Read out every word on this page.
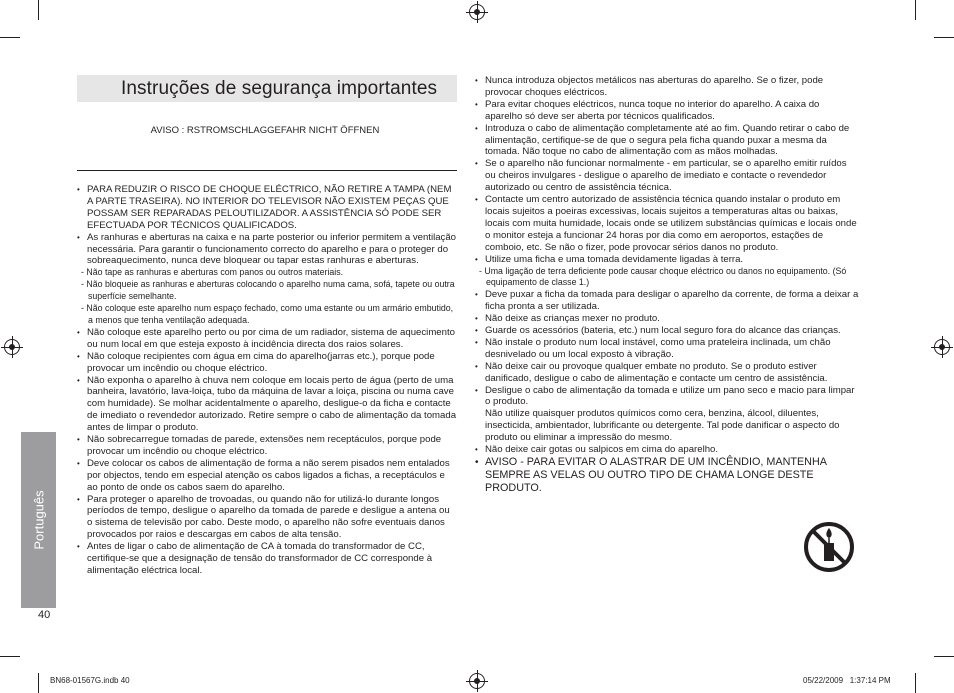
Instruções de segurança importantes
AVISO : RSTROMSCHLAGGEFAHR NICHT ÖFFNEN
• PARA REDUZIR O RISCO DE CHOQUE ELÉCTRICO, NÃO RETIRE A TAMPA (NEM A PARTE TRASEIRA). NO INTERIOR DO TELEVISOR NÃO EXISTEM PEÇAS QUE POSSAM SER REPARADAS PELOUTILIZADOR. A ASSISTÊNCIA SÓ PODE SER EFECTUADA POR TÉCNICOS QUALIFICADOS.
• As ranhuras e aberturas na caixa e na parte posterior ou inferior permitem a ventilação necessária. Para garantir o funcionamento correcto do aparelho e para o proteger do sobreaquecimento, nunca deve bloquear ou tapar estas ranhuras e aberturas.
- Não tape as ranhuras e aberturas com panos ou outros materiais.
- Não bloqueie as ranhuras e aberturas colocando o aparelho numa cama, sofá, tapete ou outra superfície semelhante.
- Não coloque este aparelho num espaço fechado, como uma estante ou um armário embutido, a menos que tenha ventilação adequada.
• Não coloque este aparelho perto ou por cima de um radiador, sistema de aquecimento ou num local em que esteja exposto à incidência directa dos raios solares.
• Não coloque recipientes com água em cima do aparelho(jarras etc.), porque pode provocar um incêndio ou choque eléctrico.
• Não exponha o aparelho à chuva nem coloque em locais perto de água (perto de uma banheira, lavatório, lava-loiça, tubo da máquina de lavar a loiça, piscina ou numa cave com humidade). Se molhar acidentalmente o aparelho, desligue-o da ficha e contacte de imediato o revendedor autorizado. Retire sempre o cabo de alimentação da tomada antes de limpar o produto.
• Não sobrecarregue tomadas de parede, extensões nem receptáculos, porque pode provocar um incêndio ou choque eléctrico.
• Deve colocar os cabos de alimentação de forma a não serem pisados nem entalados por objectos, tendo em especial atenção os cabos ligados a fichas, a receptáculos e ao ponto de onde os cabos saem do aparelho.
• Para proteger o aparelho de trovoadas, ou quando não for utilizá-lo durante longos períodos de tempo, desligue o aparelho da tomada de parede e desligue a antena ou o sistema de televisão por cabo. Deste modo, o aparelho não sofre eventuais danos provocados por raios e descargas em cabos de alta tensão.
• Antes de ligar o cabo de alimentação de CA à tomada do transformador de CC, certifique-se que a designação de tensão do transformador de CC corresponde à alimentação eléctrica local.
• Nunca introduza objectos metálicos nas aberturas do aparelho. Se o fizer, pode provocar choques eléctricos.
• Para evitar choques eléctricos, nunca toque no interior do aparelho. A caixa do aparelho só deve ser aberta por técnicos qualificados.
• Introduza o cabo de alimentação completamente até ao fim. Quando retirar o cabo de alimentação, certifique-se de que o segura pela ficha quando puxar a mesma da tomada. Não toque no cabo de alimentação com as mãos molhadas.
• Se o aparelho não funcionar normalmente - em particular, se o aparelho emitir ruídos ou cheiros invulgares - desligue o aparelho de imediato e contacte o revendedor autorizado ou centro de assistência técnica.
• Contacte um centro autorizado de assistência técnica quando instalar o produto em locais sujeitos a poeiras excessivas, locais sujeitos a temperaturas altas ou baixas, locais com muita humidade, locais onde se utilizem substâncias químicas e locais onde o monitor esteja a funcionar 24 horas por dia como em aeroportos, estações de comboio, etc. Se não o fizer, pode provocar sérios danos no produto.
• Utilize uma ficha e uma tomada devidamente ligadas à terra.
- Uma ligação de terra deficiente pode causar choque eléctrico ou danos no equipamento. (Só equipamento de classe 1.)
• Deve puxar a ficha da tomada para desligar o aparelho da corrente, de forma a deixar a ficha pronta a ser utilizada.
• Não deixe as crianças mexer no produto.
• Guarde os acessórios (bateria, etc.) num local seguro fora do alcance das crianças.
• Não instale o produto num local instável, como uma prateleira inclinada, um chão desnivelado ou um local exposto à vibração.
• Não deixe cair ou provoque qualquer embate no produto. Se o produto estiver danificado, desligue o cabo de alimentação e contacte um centro de assistência.
• Desligue o cabo de alimentação da tomada e utilize um pano seco e macio para limpar o produto.
Não utilize quaisquer produtos químicos como cera, benzina, álcool, diluentes, insecticida, ambientador, lubrificante ou detergente. Tal pode danificar o aspecto do produto ou eliminar a impressão do mesmo.
• Não deixe cair gotas ou salpicos em cima do aparelho.
• AVISO - PARA EVITAR O ALASTRAR DE UM INCÊNDIO, MANTENHA SEMPRE AS VELAS OU OUTRO TIPO DE CHAMA LONGE DESTE PRODUTO.
Português
40
BN68-01567G.indb 40	05/22/2009   1:37:14 PM
